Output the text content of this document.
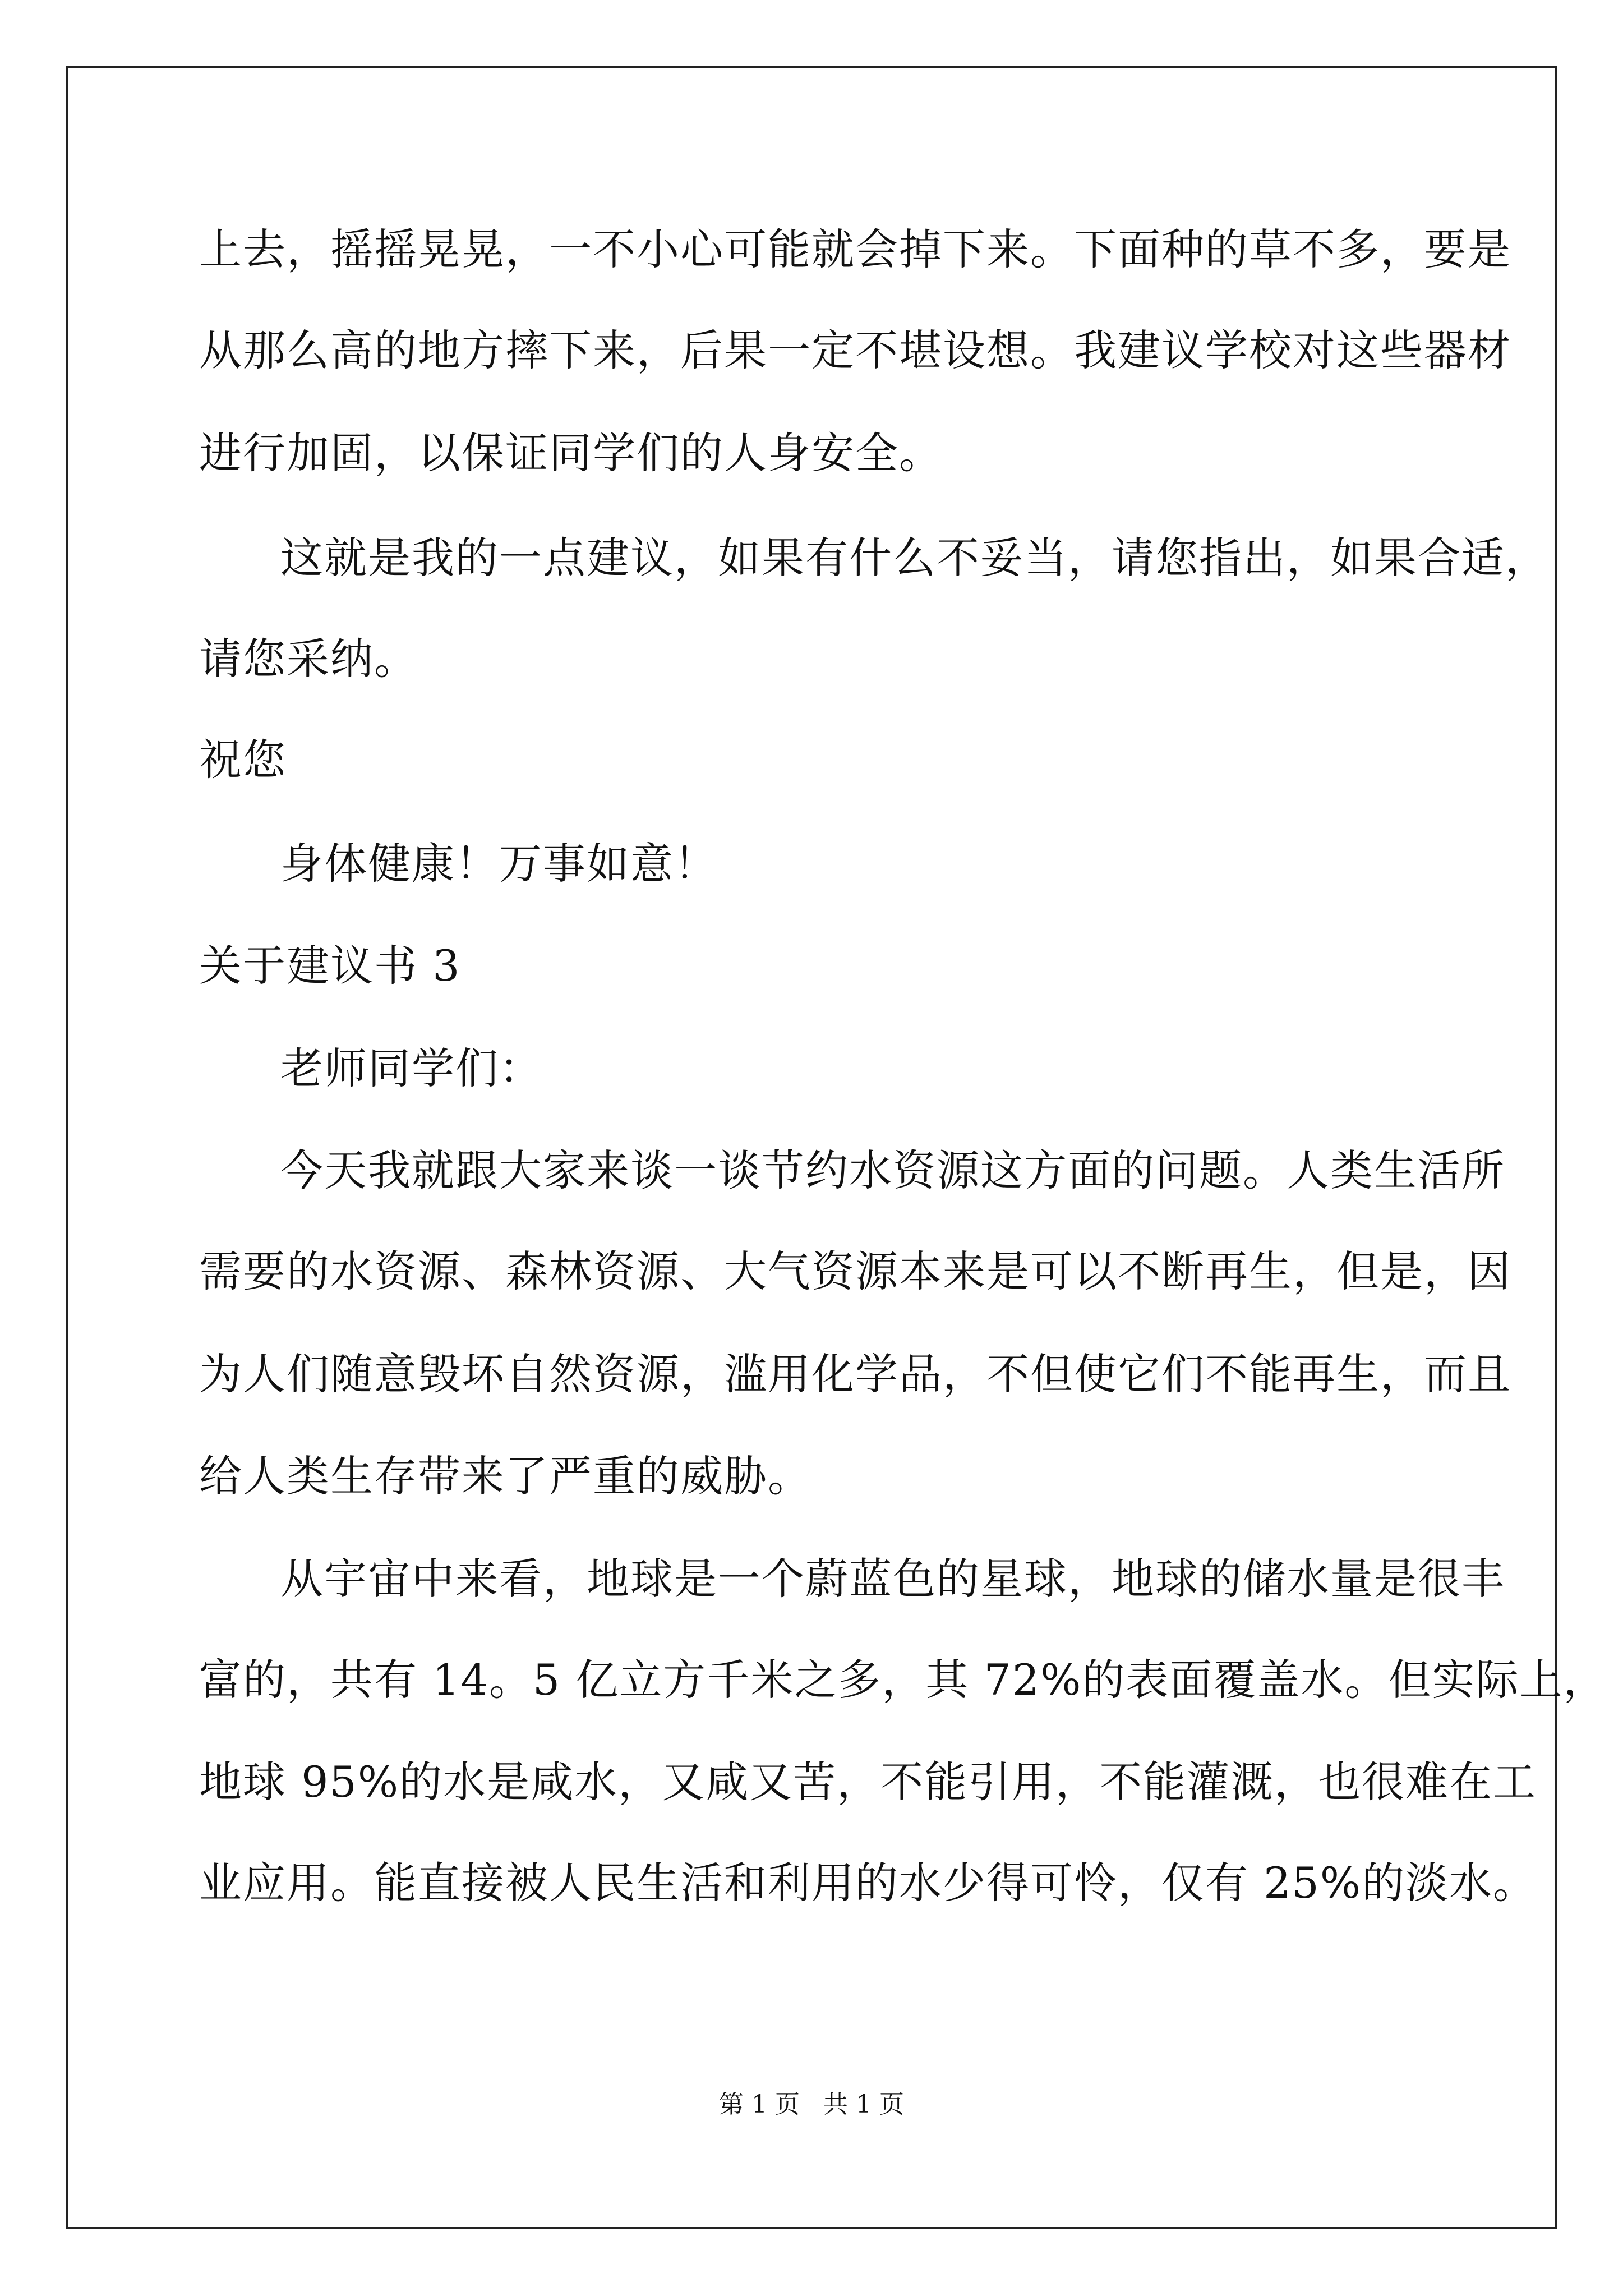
上去，摇摇晃晃，一不小心可能就会掉下来。下面种的草不多，要是
从那么高的地方摔下来，后果一定不堪设想。我建议学校对这些器材
进行加固，以保证同学们的人身安全。
这就是我的一点建议，如果有什么不妥当，请您指出，如果合适，
请您采纳。
祝您
身体健康！万事如意！
关于建议书 3
老师同学们：
今天我就跟大家来谈一谈节约水资源这方面的问题。人类生活所
需要的水资源、森林资源、大气资源本来是可以不断再生，但是，因
为人们随意毁坏自然资源，滥用化学品，不但使它们不能再生，而且
给人类生存带来了严重的威胁。
从宇宙中来看，地球是一个蔚蓝色的星球，地球的储水量是很丰
富的，共有 14。5 亿立方千米之多，其 72%的表面覆盖水。但实际上，
地球 95%的水是咸水，又咸又苦，不能引用，不能灌溉，也很难在工
业应用。能直接被人民生活和利用的水少得可怜，仅有 25%的淡水。
第 1 页   共 1 页
